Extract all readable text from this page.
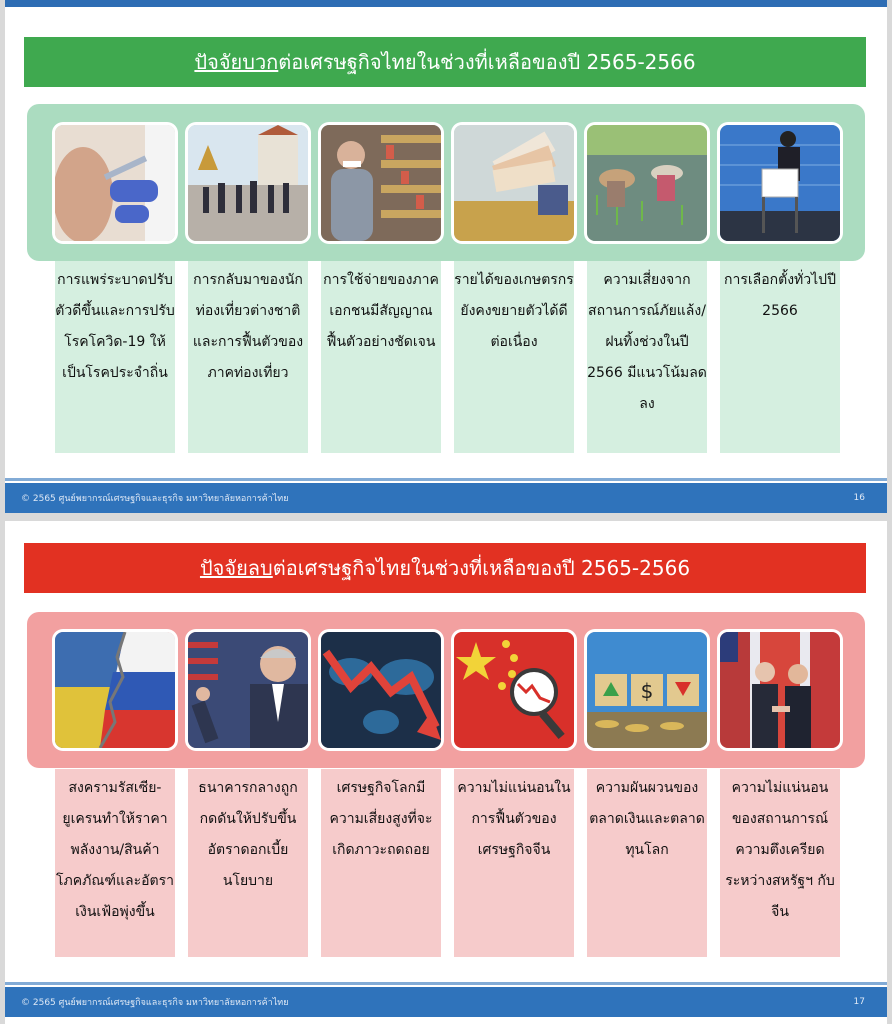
ปัจจัยบวก ต่อเศรษฐกิจไทยในช่วงที่เหลือของปี 2565-2566
การแพร่ระบาดปรับตัวดีขึ้นและการปรับโรคโควิด-19 ให้เป็นโรคประจำถิ่น
การกลับมาของนักท่องเที่ยวต่างชาติ และการฟื้นตัวของภาคท่องเที่ยว
การใช้จ่ายของภาคเอกชนมีสัญญาณฟื้นตัวอย่างชัดเจน
รายได้ของเกษตรกรยังคงขยายตัวได้ดีต่อเนื่อง
ความเสี่ยงจากสถานการณ์ภัยแล้ง/ฝนทิ้งช่วงในปี 2566 มีแนวโน้มลดลง
การเลือกตั้งทั่วไปปี 2566
© 2565 ศูนย์พยากรณ์เศรษฐกิจและธุรกิจ มหาวิทยาลัยหอการค้าไทย	16
ปัจจัยลบ ต่อเศรษฐกิจไทยในช่วงที่เหลือของปี 2565-2566
$
สงครามรัสเซีย-ยูเครนทำให้ราคาพลังงาน/สินค้าโภคภัณฑ์และอัตราเงินเฟ้อพุ่งขึ้น
ธนาคารกลางถูกกดดันให้ปรับขึ้นอัตราดอกเบี้ยนโยบาย
เศรษฐกิจโลกมีความเสี่ยงสูงที่จะเกิดภาวะถดถอย
ความไม่แน่นอนในการฟื้นตัวของเศรษฐกิจจีน
ความผันผวนของตลาดเงินและตลาดทุนโลก
ความไม่แน่นอนของสถานการณ์ความตึงเครียดระหว่างสหรัฐฯ กับจีน
© 2565 ศูนย์พยากรณ์เศรษฐกิจและธุรกิจ มหาวิทยาลัยหอการค้าไทย	17
